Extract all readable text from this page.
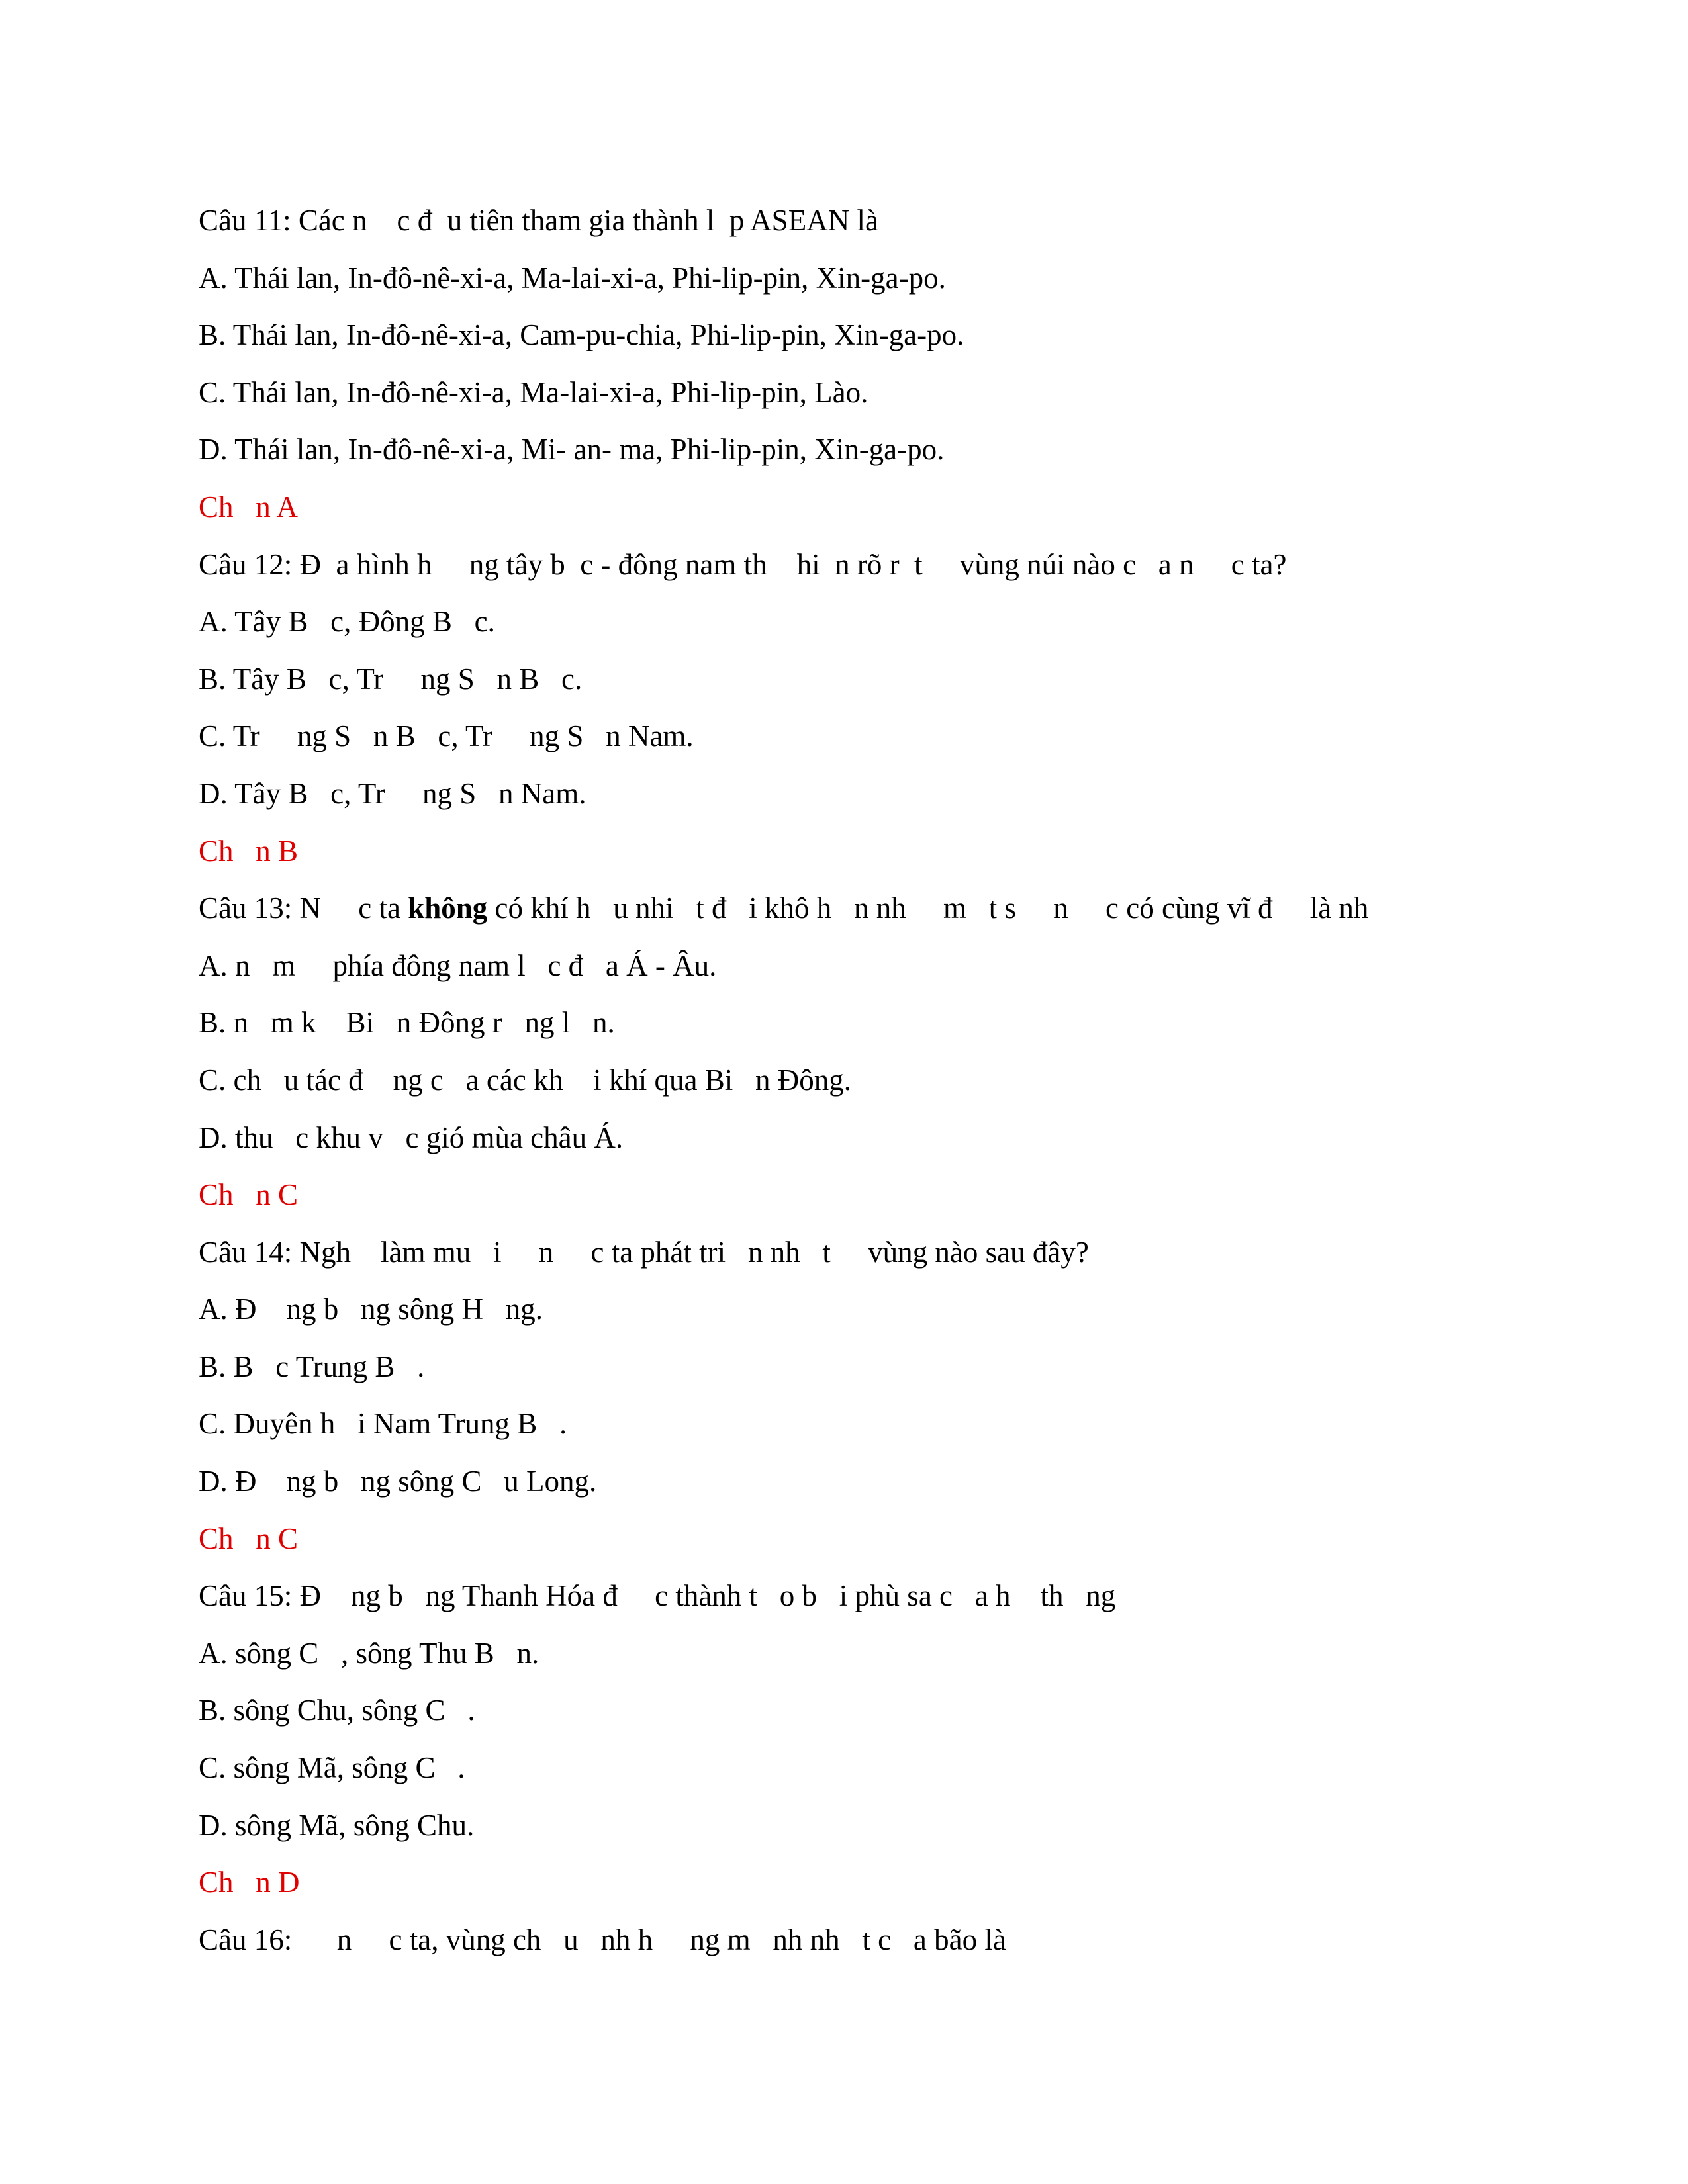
Câu 11: Các n    c đ  u tiên tham gia thành l  p ASEAN là
A. Thái lan, In-đô-nê-xi-a, Ma-lai-xi-a, Phi-lip-pin, Xin-ga-po.
B. Thái lan, In-đô-nê-xi-a, Cam-pu-chia, Phi-lip-pin, Xin-ga-po.
C. Thái lan, In-đô-nê-xi-a, Ma-lai-xi-a, Phi-lip-pin, Lào.
D. Thái lan, In-đô-nê-xi-a, Mi- an- ma, Phi-lip-pin, Xin-ga-po.
Ch   n A
Câu 12: Đ  a hình h     ng tây b  c - đông nam th    hi  n rõ r  t     vùng núi nào c   a n     c ta?
A. Tây B   c, Đông B   c.
B. Tây B   c, Tr     ng S   n B   c.
C. Tr     ng S   n B   c, Tr     ng S   n Nam.
D. Tây B   c, Tr     ng S   n Nam.
Ch   n B
Câu 13: N     c ta không có khí h   u nhi   t đ   i khô h   n nh     m   t s     n     c có cùng vĩ đ     là nh
A. n   m     phía đông nam l   c đ   a Á - Âu.
B. n   m k    Bi   n Đông r   ng l   n.
C. ch   u tác đ    ng c   a các kh    i khí qua Bi   n Đông.
D. thu   c khu v   c gió mùa châu Á.
Ch   n C
Câu 14: Ngh    làm mu   i     n     c ta phát tri   n nh   t     vùng nào sau đây?
A. Đ    ng b   ng sông H   ng.
B. B   c Trung B   .
C. Duyên h   i Nam Trung B   .
D. Đ    ng b   ng sông C   u Long.
Ch   n C
Câu 15: Đ    ng b   ng Thanh Hóa đ     c thành t   o b   i phù sa c   a h    th   ng
A. sông C   , sông Thu B   n.
B. sông Chu, sông C   .
C. sông Mã, sông C   .
D. sông Mã, sông Chu.
Ch   n D
Câu 16:      n     c ta, vùng ch   u   nh h     ng m   nh nh   t c   a bão là
